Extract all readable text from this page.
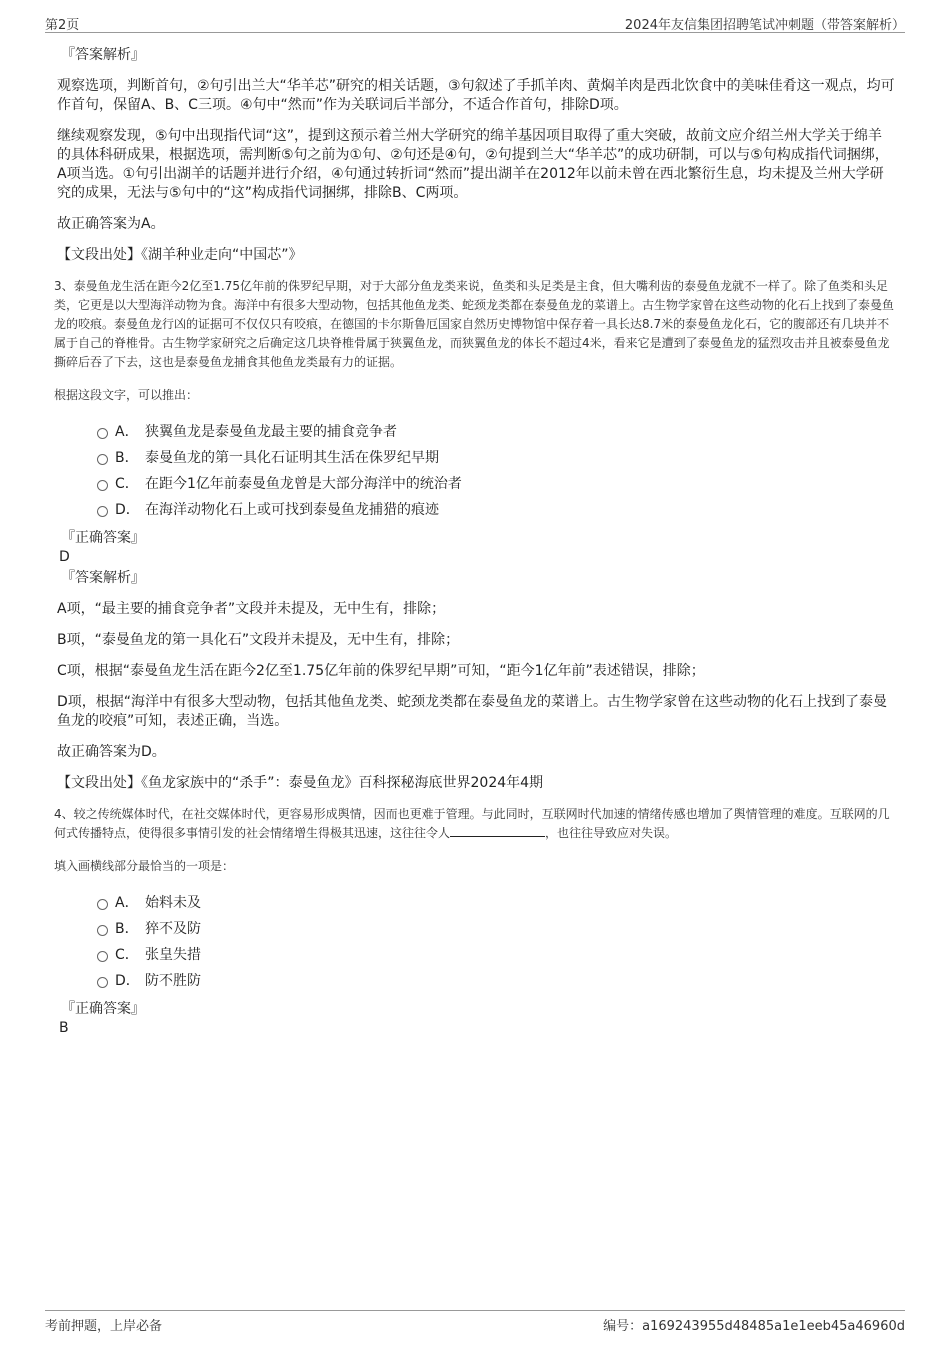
第2页	2024年友信集团招聘笔试冲刺题（带答案解析）
『答案解析』

观察选项，判断首句，②句引出兰大“华羊芯”研究的相关话题，③句叙述了手抓羊肉、黄焖羊肉是西北饮食中的美味佳肴这一观点，均可作首句，保留A、B、C三项。④句中“然而”作为关联词后半部分，不适合作首句，排除D项。

继续观察发现，⑤句中出现指代词“这”，提到这预示着兰州大学研究的绵羊基因项目取得了重大突破，故前文应介绍兰州大学关于绵羊的具体科研成果，根据选项，需判断⑤句之前为①句、②句还是④句，②句提到兰大“华羊芯”的成功研制，可以与⑤句构成指代词捆绑，A项当选。①句引出湖羊的话题并进行介绍，④句通过转折词“然而”提出湖羊在2012年以前未曾在西北繁衍生息，均未提及兰州大学研究的成果，无法与⑤句中的“这”构成指代词捆绑，排除B、C两项。

故正确答案为A。

【文段出处】《湖羊种业走向“中国芯”》

3、泰曼鱼龙生活在距今2亿至1.75亿年前的侏罗纪早期，对于大部分鱼龙类来说，鱼类和头足类是主食，但大嘴利齿的泰曼鱼龙就不一样了。除了鱼类和头足类，它更是以大型海洋动物为食。海洋中有很多大型动物，包括其他鱼龙类、蛇颈龙类都在泰曼鱼龙的菜谱上。古生物学家曾在这些动物的化石上找到了泰曼鱼龙的咬痕。泰曼鱼龙行凶的证据可不仅仅只有咬痕，在德国的卡尔斯鲁厄国家自然历史博物馆中保存着一具长达8.7米的泰曼鱼龙化石，它的腹部还有几块并不属于自己的脊椎骨。古生物学家研究之后确定这几块脊椎骨属于狭翼鱼龙，而狭翼鱼龙的体长不超过4米，看来它是遭到了泰曼鱼龙的猛烈攻击并且被泰曼鱼龙撕碎后吞了下去，这也是泰曼鱼龙捕食其他鱼龙类最有力的证据。

根据这段文字，可以推出：

A． 狭翼鱼龙是泰曼鱼龙最主要的捕食竞争者
B． 泰曼鱼龙的第一具化石证明其生活在侏罗纪早期
C． 在距今1亿年前泰曼鱼龙曾是大部分海洋中的统治者
D． 在海洋动物化石上或可找到泰曼鱼龙捕猎的痕迹
『正确答案』
D
『答案解析』

A项，“最主要的捕食竞争者”文段并未提及，无中生有，排除；

B项，“泰曼鱼龙的第一具化石”文段并未提及，无中生有，排除；

C项，根据“泰曼鱼龙生活在距今2亿至1.75亿年前的侏罗纪早期”可知，“距今1亿年前”表述错误，排除；

D项，根据“海洋中有很多大型动物，包括其他鱼龙类、蛇颈龙类都在泰曼鱼龙的菜谱上。古生物学家曾在这些动物的化石上找到了泰曼鱼龙的咬痕”可知，表述正确，当选。

故正确答案为D。

【文段出处】《鱼龙家族中的“杀手”：泰曼鱼龙》百科探秘海底世界2024年4期

4、较之传统媒体时代，在社交媒体时代，更容易形成舆情，因而也更难于管理。与此同时，互联网时代加速的情绪传感也增加了舆情管理的难度。互联网的几何式传播特点，使得很多事情引发的社会情绪增生得极其迅速，这往往令人	，也往往导致应对失误。

填入画横线部分最恰当的一项是：

A． 始料未及
B． 猝不及防
C． 张皇失措
D． 防不胜防
『正确答案』
B
考前押题，上岸必备	编号：a169243955d48485a1e1eeb45a46960d
